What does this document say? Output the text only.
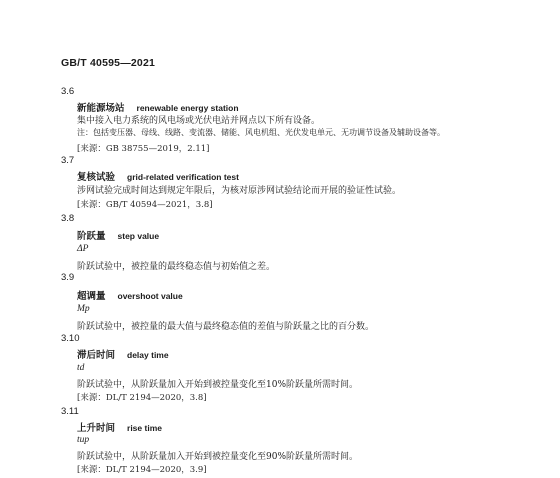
GB/T 40595—2021
3.6
新能源场站 renewable energy station
集中接入电力系统的风电场或光伏电站并网点以下所有设备。
注：包括变压器、母线、线路、变流器、储能、风电机组、光伏发电单元、无功调节设备及辅助设备等。
[来源：GB 38755—2019，2.11]
3.7
复核试验 grid-related verification test
涉网试验完成时间达到规定年限后，为核对原涉网试验结论而开展的验证性试验。
[来源：GB/T 40594—2021，3.8]
3.8
阶跃量 step value
ΔP
阶跃试验中，被控量的最终稳态值与初始值之差。
3.9
超调量 overshoot value
Mp
阶跃试验中，被控量的最大值与最终稳态值的差值与阶跃量之比的百分数。
3.10
滞后时间 delay time
td
阶跃试验中，从阶跃量加入开始到被控量变化至10%阶跃量所需时间。
[来源：DL/T 2194—2020，3.8]
3.11
上升时间 rise time
tup
阶跃试验中，从阶跃量加入开始到被控量变化至90%阶跃量所需时间。
[来源：DL/T 2194—2020，3.9]
